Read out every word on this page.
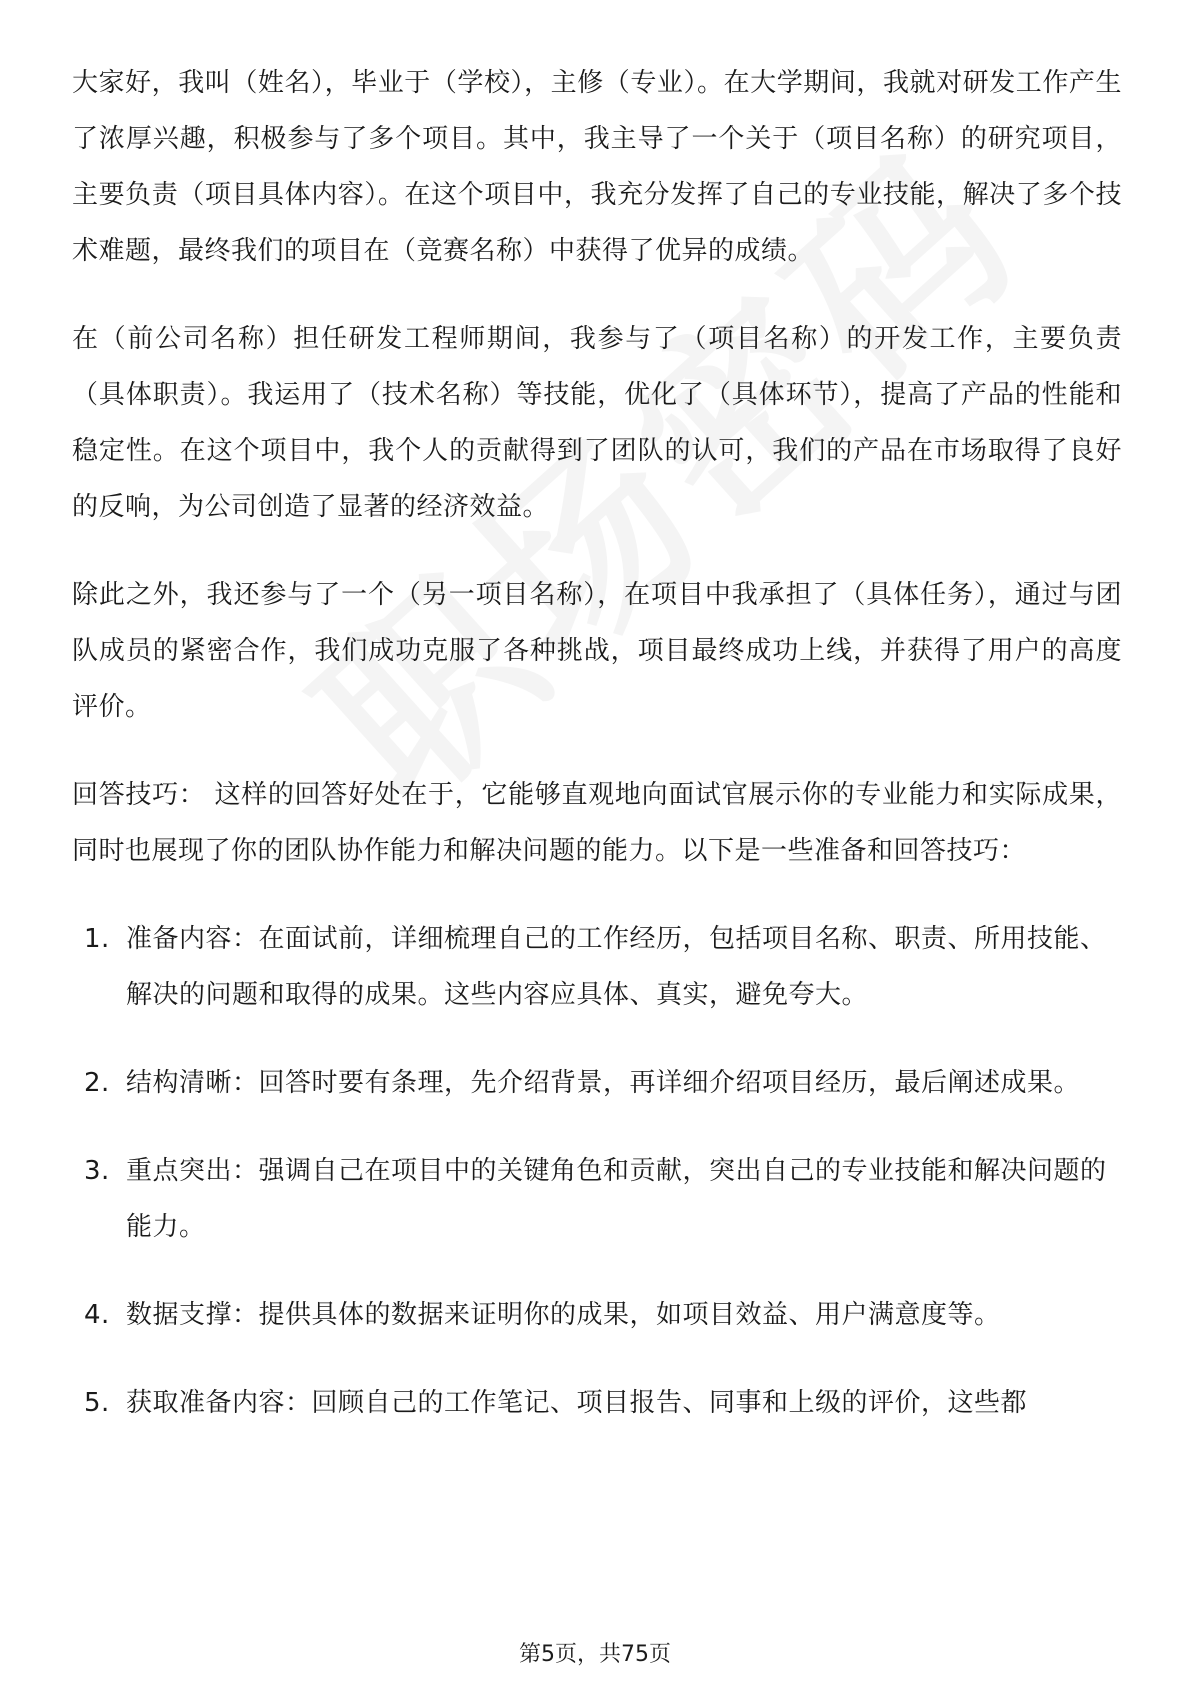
大家好，我叫（姓名），毕业于（学校），主修（专业）。在大学期间，我就对研发工作产生了浓厚兴趣，积极参与了多个项目。其中，我主导了一个关于（项目名称）的研究项目，主要负责（项目具体内容）。在这个项目中，我充分发挥了自己的专业技能，解决了多个技术难题，最终我们的项目在（竞赛名称）中获得了优异的成绩。

在（前公司名称）担任研发工程师期间，我参与了（项目名称）的开发工作，主要负责（具体职责）。我运用了（技术名称）等技能，优化了（具体环节），提高了产品的性能和稳定性。在这个项目中，我个人的贡献得到了团队的认可，我们的产品在市场取得了良好的反响，为公司创造了显著的经济效益。

除此之外，我还参与了一个（另一项目名称），在项目中我承担了（具体任务），通过与团队成员的紧密合作，我们成功克服了各种挑战，项目最终成功上线，并获得了用户的高度评价。

回答技巧： 这样的回答好处在于，它能够直观地向面试官展示你的专业能力和实际成果，同时也展现了你的团队协作能力和解决问题的能力。以下是一些准备和回答技巧：

1. 准备内容：在面试前，详细梳理自己的工作经历，包括项目名称、职责、所用技能、解决的问题和取得的成果。这些内容应具体、真实，避免夸大。
2. 结构清晰：回答时要有条理，先介绍背景，再详细介绍项目经历，最后阐述成果。
3. 重点突出：强调自己在项目中的关键角色和贡献，突出自己的专业技能和解决问题的能力。
4. 数据支撑：提供具体的数据来证明你的成果，如项目效益、用户满意度等。
5. 获取准备内容：回顾自己的工作笔记、项目报告、同事和上级的评价，这些都
第5页，共75页
